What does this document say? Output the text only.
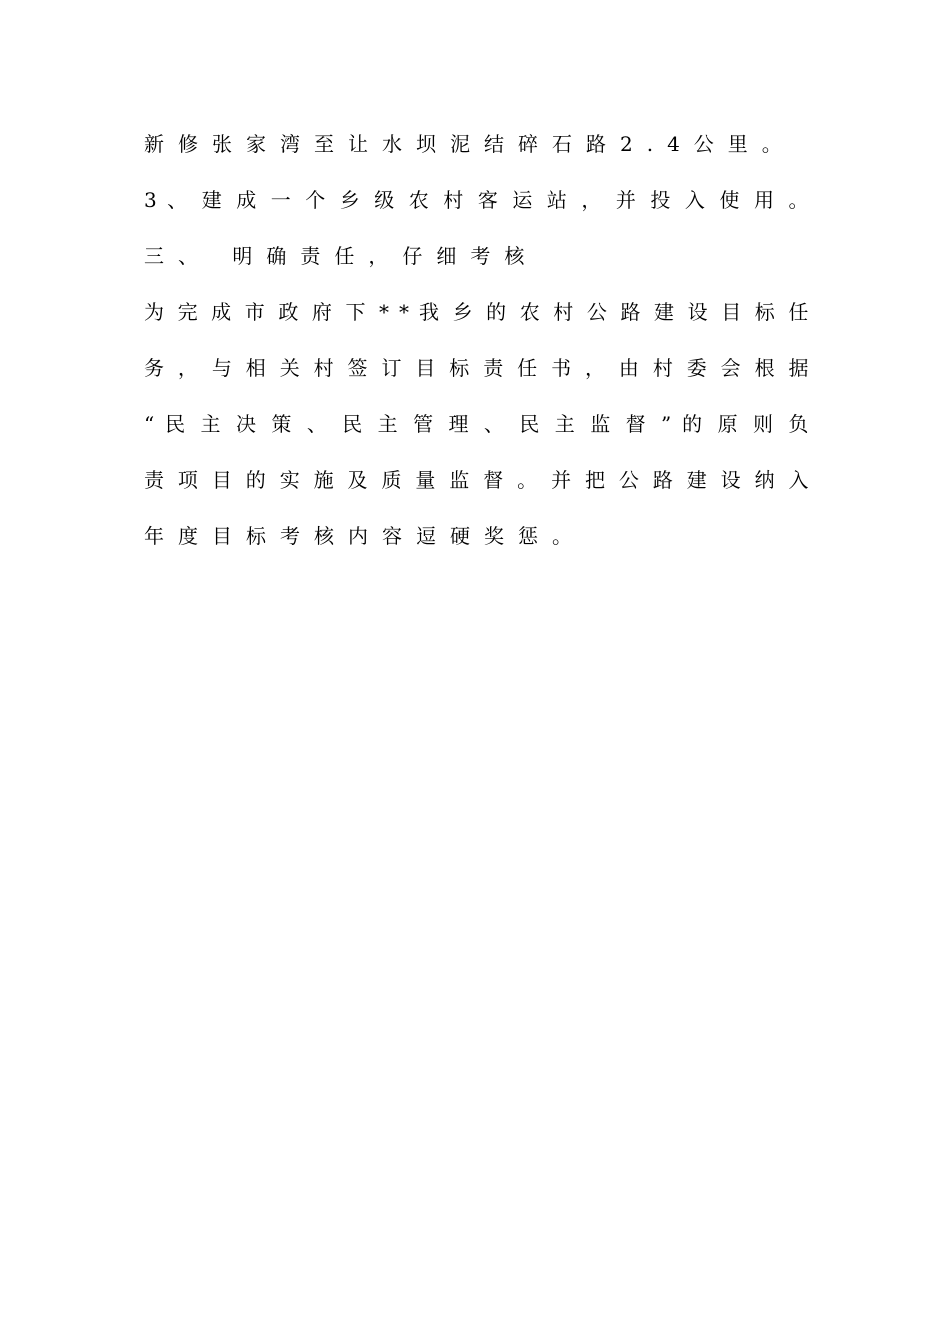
新修张家湾至让水坝泥结碎石路2.4公里。

3 、 建 成 一 个 乡 级 农 村 客 运 站 ， 并 投 入 使 用 。

三、 明确责任，仔细考核

为 完 成 市 政 府 下 * * 我 乡 的 农 村 公 路 建 设 目 标 任

务 ， 与 相 关 村 签 订 目 标 责 任 书 ， 由 村 委 会 根 据

“ 民 主 决 策 、 民 主 管 理 、 民 主 监 督 ” 的 原 则 负

责 项 目 的 实 施 及 质 量 监 督 。 并 把 公 路 建 设 纳 入

年度目标考核内容逗硬奖惩。
